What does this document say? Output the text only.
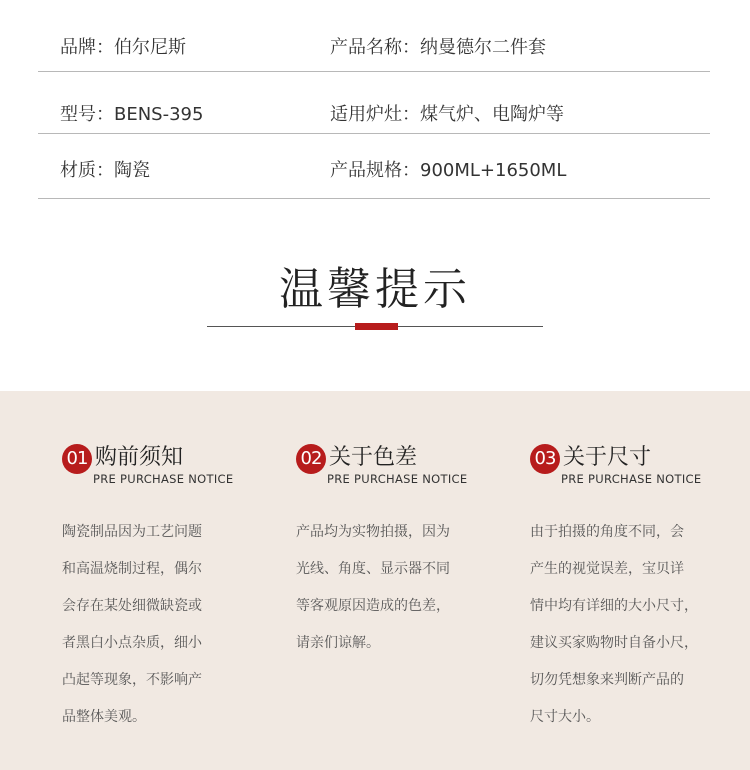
品牌：伯尔尼斯	产品名称：纳曼德尔二件套
型号：BENS-395	适用炉灶：煤气炉、电陶炉等
材质：陶瓷	产品规格：900ML+1650ML
温馨提示
01 购前须知
PRE PURCHASE NOTICE
陶瓷制品因为工艺问题
和高温烧制过程，偶尔
会存在某处细微缺瓷或
者黑白小点杂质，细小
凸起等现象，不影响产
品整体美观。
02 关于色差
PRE PURCHASE NOTICE
产品均为实物拍摄，因为
光线、角度、显示器不同
等客观原因造成的色差，
请亲们谅解。
03 关于尺寸
PRE PURCHASE NOTICE
由于拍摄的角度不同，会
产生的视觉误差，宝贝详
情中均有详细的大小尺寸，
建议买家购物时自备小尺，
切勿凭想象来判断产品的
尺寸大小。
